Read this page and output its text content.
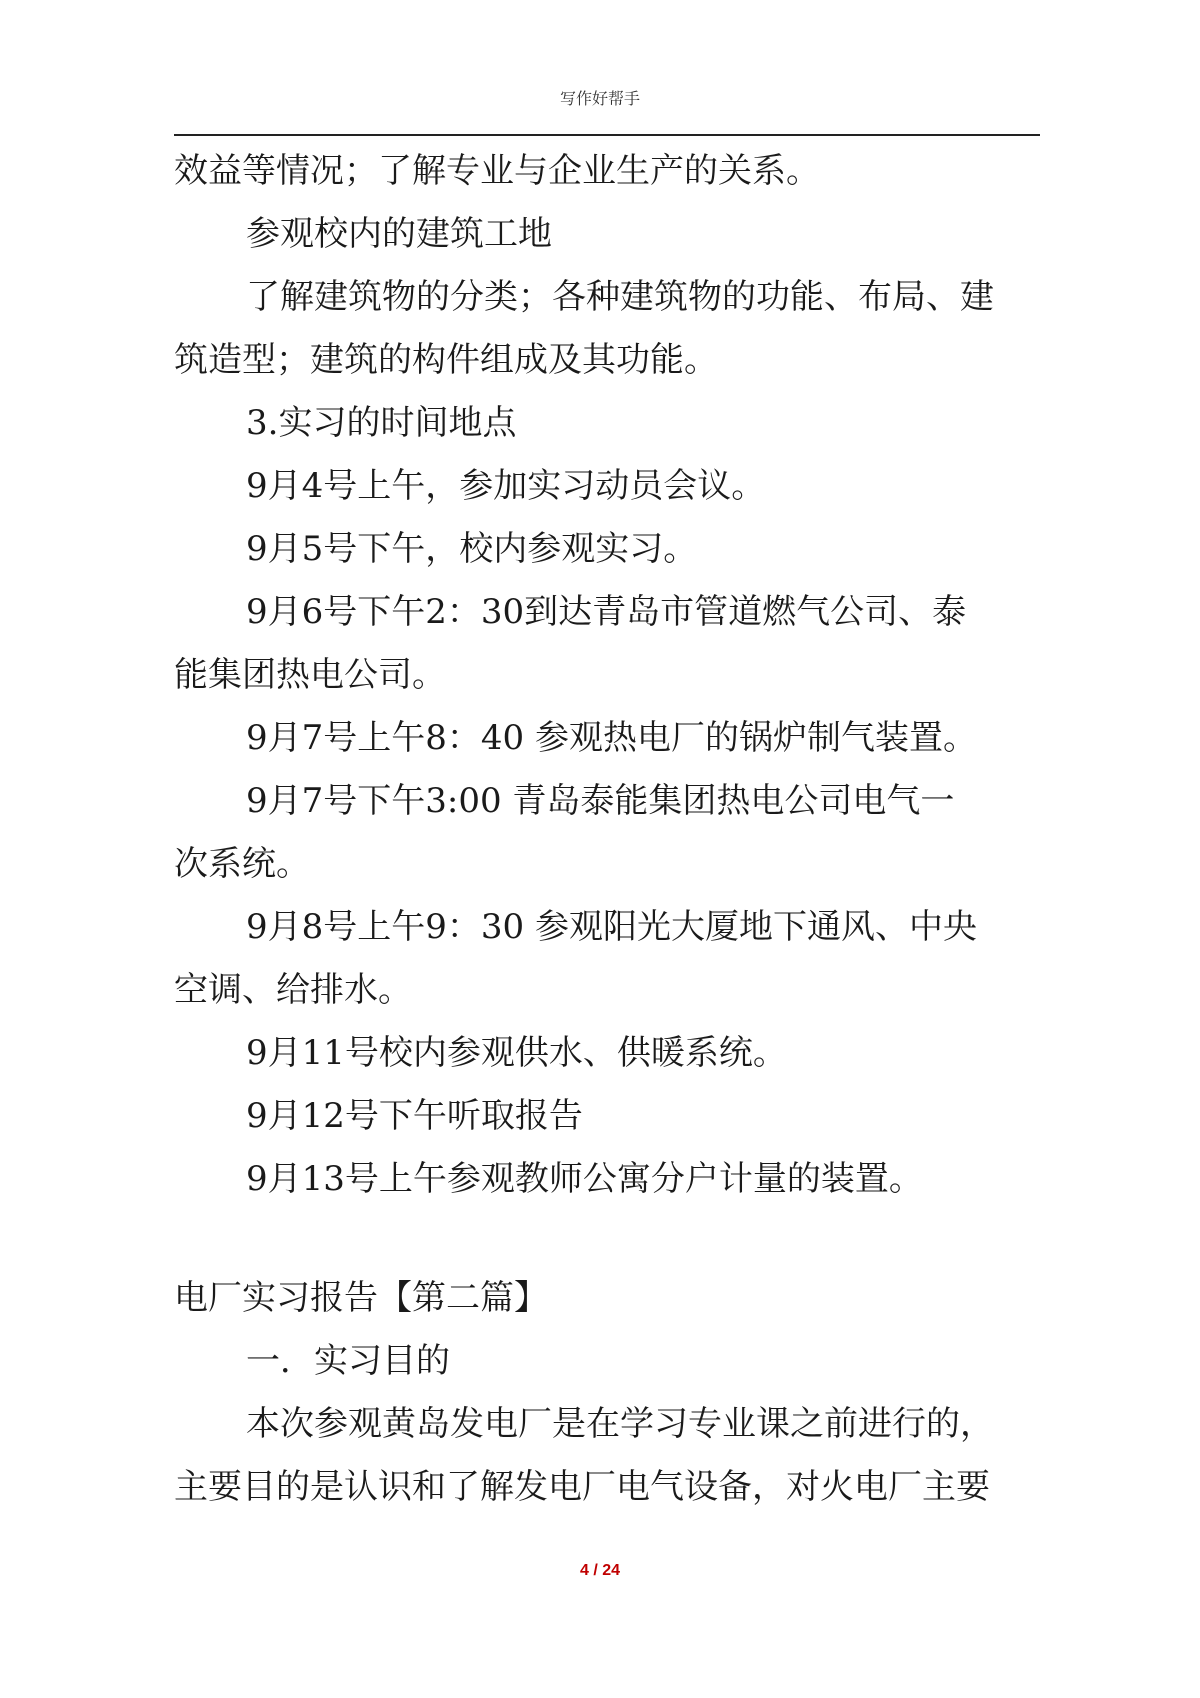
写作好帮手
效益等情况；了解专业与企业生产的关系。
参观校内的建筑工地
了解建筑物的分类；各种建筑物的功能、布局、建
筑造型；建筑的构件组成及其功能。
3.实习的时间地点
9月4号上午，参加实习动员会议。
9月5号下午，校内参观实习。
9月6号下午2：30到达青岛市管道燃气公司、泰
能集团热电公司。
9月7号上午8：40 参观热电厂的锅炉制气装置。
9月7号下午3:00 青岛泰能集团热电公司电气一
次系统。
9月8号上午9：30 参观阳光大厦地下通风、中央
空调、给排水。
9月11号校内参观供水、供暖系统。
9月12号下午听取报告
9月13号上午参观教师公寓分户计量的装置。
电厂实习报告【第二篇】
一．实习目的
本次参观黄岛发电厂是在学习专业课之前进行的，
主要目的是认识和了解发电厂电气设备，对火电厂主要
4 / 24
